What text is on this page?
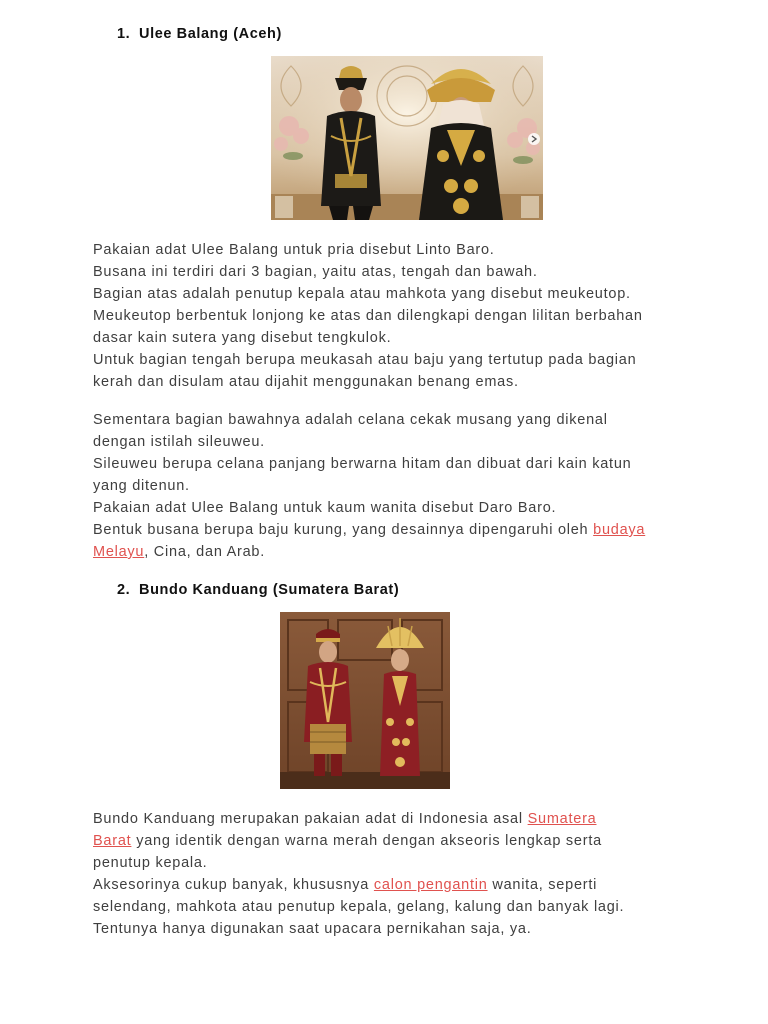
1. Ulee Balang (Aceh)

Pakaian adat Ulee Balang untuk pria disebut Linto Baro.
Busana ini terdiri dari 3 bagian, yaitu atas, tengah dan bawah.
Bagian atas adalah penutup kepala atau mahkota yang disebut meukeutop.
Meukeutop berbentuk lonjong ke atas dan dilengkapi dengan lilitan berbahan
dasar kain sutera yang disebut tengkulok.
Untuk bagian tengah berupa meukasah atau baju yang tertutup pada bagian
kerah dan disulam atau dijahit menggunakan benang emas.

Sementara bagian bawahnya adalah celana cekak musang yang dikenal
dengan istilah sileuweu.
Sileuweu berupa celana panjang berwarna hitam dan dibuat dari kain katun
yang ditenun.
Pakaian adat Ulee Balang untuk kaum wanita disebut Daro Baro.
Bentuk busana berupa baju kurung, yang desainnya dipengaruhi oleh budaya
Melayu, Cina, dan Arab.

2. Bundo Kanduang (Sumatera Barat)

Bundo Kanduang merupakan pakaian adat di Indonesia asal Sumatera
Barat yang identik dengan warna merah dengan akseoris lengkap serta
penutup kepala.
Aksesorinya cukup banyak, khususnya calon pengantin wanita, seperti
selendang, mahkota atau penutup kepala, gelang, kalung dan banyak lagi.
Tentunya hanya digunakan saat upacara pernikahan saja, ya.
